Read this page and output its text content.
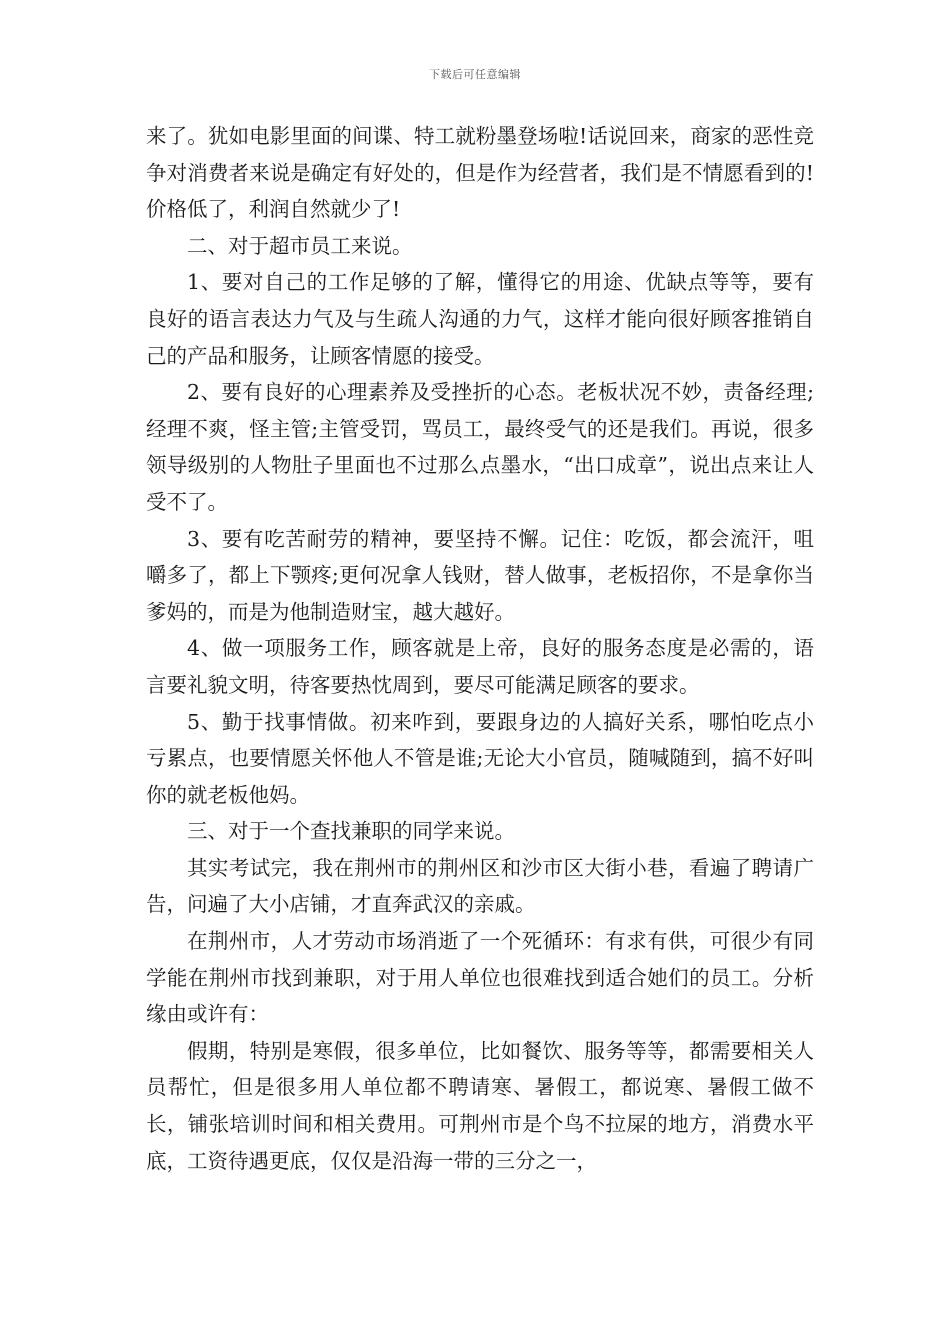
下载后可任意编辑

来了。犹如电影里面的间谍、特工就粉墨登场啦!话说回来，商家的恶性竞争对消费者来说是确定有好处的，但是作为经营者，我们是不情愿看到的!价格低了，利润自然就少了!

二、对于超市员工来说。

1、要对自己的工作足够的了解，懂得它的用途、优缺点等等，要有良好的语言表达力气及与生疏人沟通的力气，这样才能向很好顾客推销自己的产品和服务，让顾客情愿的接受。

2、要有良好的心理素养及受挫折的心态。老板状况不妙，责备经理;经理不爽，怪主管;主管受罚，骂员工，最终受气的还是我们。再说，很多领导级别的人物肚子里面也不过那么点墨水，“出口成章”，说出点来让人受不了。

3、要有吃苦耐劳的精神，要坚持不懈。记住：吃饭，都会流汗，咀嚼多了，都上下颚疼;更何况拿人钱财，替人做事，老板招你，不是拿你当爹妈的，而是为他制造财宝，越大越好。

4、做一项服务工作，顾客就是上帝，良好的服务态度是必需的，语言要礼貌文明，待客要热忱周到，要尽可能满足顾客的要求。

5、勤于找事情做。初来咋到，要跟身边的人搞好关系，哪怕吃点小亏累点，也要情愿关怀他人不管是谁;无论大小官员，随喊随到，搞不好叫你的就老板他妈。

三、对于一个查找兼职的同学来说。

其实考试完，我在荆州市的荆州区和沙市区大街小巷，看遍了聘请广告，问遍了大小店铺，才直奔武汉的亲戚。

在荆州市，人才劳动市场消逝了一个死循环：有求有供，可很少有同学能在荆州市找到兼职，对于用人单位也很难找到适合她们的员工。分析缘由或许有：

假期，特别是寒假，很多单位，比如餐饮、服务等等，都需要相关人员帮忙，但是很多用人单位都不聘请寒、暑假工，都说寒、暑假工做不长，铺张培训时间和相关费用。可荆州市是个鸟不拉屎的地方，消费水平底，工资待遇更底，仅仅是沿海一带的三分之一，
